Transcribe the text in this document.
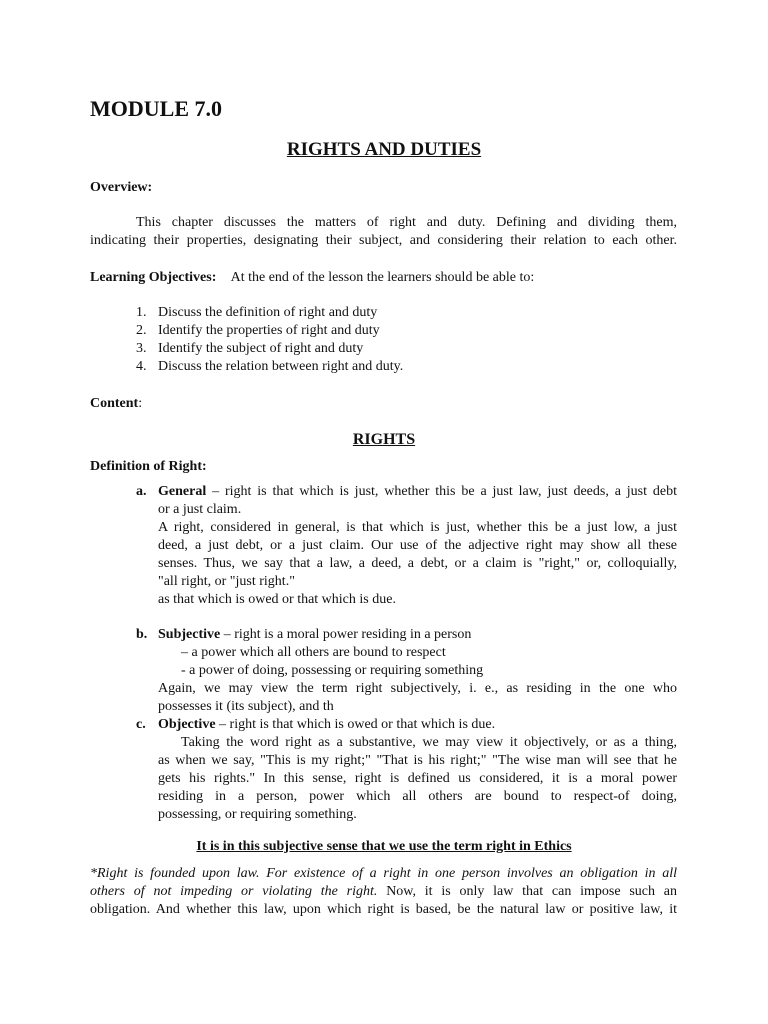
MODULE 7.0
RIGHTS AND DUTIES
Overview:
This chapter discusses the matters of right and duty. Defining and dividing them,
indicating their properties, designating their subject, and considering their relation to each other.
Learning Objectives: At the end of the lesson the learners should be able to:
1. Discuss the definition of right and duty
2. Identify the properties of right and duty
3. Identify the subject of right and duty
4. Discuss the relation between right and duty.
Content:
RIGHTS
Definition of Right:
a. General – right is that which is just, whether this be a just law, just deeds, a just debt
or a just claim.
A right, considered in general, is that which is just, whether this be a just low, a just
deed, a just debt, or a just claim. Our use of the adjective right may show all these
senses. Thus, we say that a law, a deed, a debt, or a claim is "right," or, colloquially,
"all right, or "just right."
as that which is owed or that which is due.
b. Subjective – right is a moral power residing in a person
– a power which all others are bound to respect
- a power of doing, possessing or requiring something
Again, we may view the term right subjectively, i. e., as residing in the one who
possesses it (its subject), and th
c. Objective – right is that which is owed or that which is due.
Taking the word right as a substantive, we may view it objectively, or as a thing,
as when we say, "This is my right;" "That is his right;" "The wise man will see that he
gets his rights." In this sense, right is defined us considered, it is a moral power
residing in a person, power which all others are bound to respect-of doing,
possessing, or requiring something.
It is in this subjective sense that we use the term right in Ethics
*Right is founded upon law. For existence of a right in one person involves an obligation in all
others of not impeding or violating the right. Now, it is only law that can impose such an
obligation. And whether this law, upon which right is based, be the natural law or positive law, it
